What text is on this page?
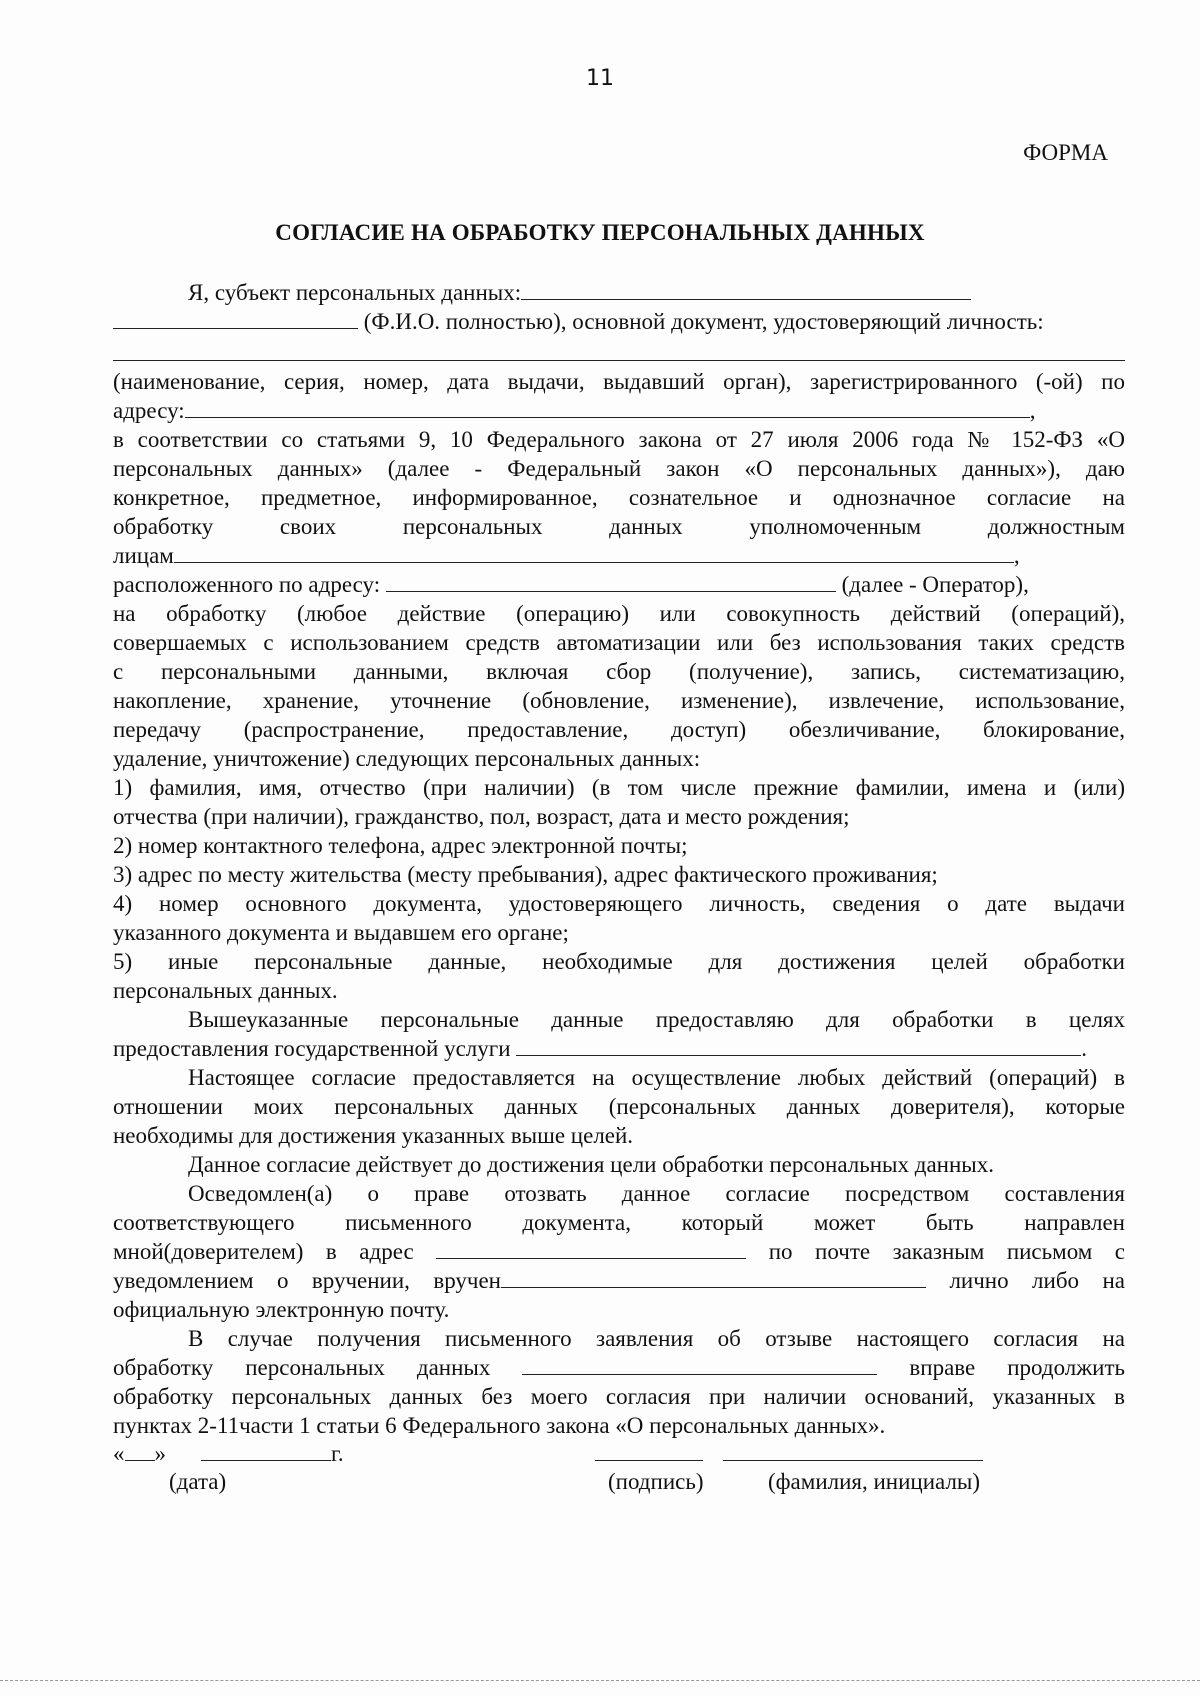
11
ФОРМА
СОГЛАСИЕ НА ОБРАБОТКУ ПЕРСОНАЛЬНЫХ ДАННЫХ
Я, субъект персональных данных:
(Ф.И.О. полностью), основной документ, удостоверяющий личность:
(наименование, серия, номер, дата выдачи, выдавший орган), зарегистрированного (-ой) по
адресу:	,
в соответствии со статьями 9, 10 Федерального закона от 27 июля 2006 года № 152-ФЗ «О
персональных данных» (далее - Федеральный закон «О персональных данных»), даю
конкретное, предметное, информированное, сознательное и однозначное согласие на
обработку своих персональных данных уполномоченным должностным
лицам	,
расположенного по адресу:	(далее - Оператор),
на обработку (любое действие (операцию) или совокупность действий (операций),
совершаемых с использованием средств автоматизации или без использования таких средств
с персональными данными, включая сбор (получение), запись, систематизацию,
накопление, хранение, уточнение (обновление, изменение), извлечение, использование,
передачу (распространение, предоставление, доступ) обезличивание, блокирование,
удаление, уничтожение) следующих персональных данных:
1) фамилия, имя, отчество (при наличии) (в том числе прежние фамилии, имена и (или)
отчества (при наличии), гражданство, пол, возраст, дата и место рождения;
2) номер контактного телефона, адрес электронной почты;
3) адрес по месту жительства (месту пребывания), адрес фактического проживания;
4) номер основного документа, удостоверяющего личность, сведения о дате выдачи
указанного документа и выдавшем его органе;
5) иные персональные данные, необходимые для достижения целей обработки
персональных данных.
Вышеуказанные персональные данные предоставляю для обработки в целях
предоставления государственной услуги	.
Настоящее согласие предоставляется на осуществление любых действий (операций) в
отношении моих персональных данных (персональных данных доверителя), которые
необходимы для достижения указанных выше целей.
Данное согласие действует до достижения цели обработки персональных данных.
Осведомлен(а) о праве отозвать данное согласие посредством составления
соответствующего письменного документа, который может быть направлен
мной(доверителем) в адрес	по почте заказным письмом с
уведомлением о вручении, вручен	лично либо на
официальную электронную почту.
В случае получения письменного заявления об отзыве настоящего согласия на
обработку персональных данных	вправе продолжить
обработку персональных данных без моего согласия при наличии оснований, указанных в
пунктах 2-11части 1 статьи 6 Федерального закона «О персональных данных».
« »	г.
(дата)	(подпись)	(фамилия, инициалы)
